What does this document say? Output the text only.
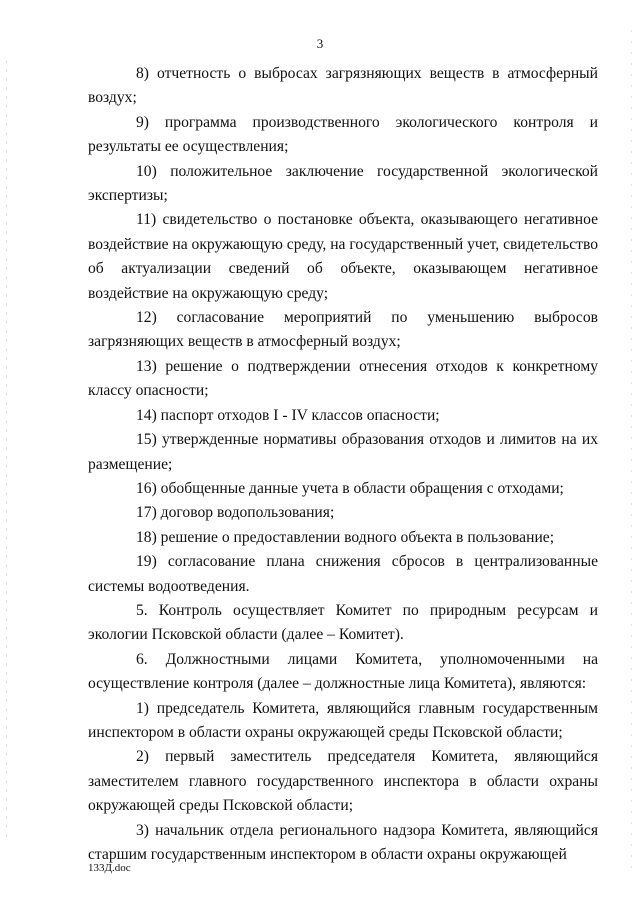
3

8) отчетность о выбросах загрязняющих веществ в атмосферный воздух;

9) программа производственного экологического контроля и результаты ее осуществления;

10) положительное заключение государственной экологической экспертизы;

11) свидетельство о постановке объекта, оказывающего негативное воздействие на окружающую среду, на государственный учет, свидетельство об актуализации сведений об объекте, оказывающем негативное воздействие на окружающую среду;

12) согласование мероприятий по уменьшению выбросов загрязняющих веществ в атмосферный воздух;

13) решение о подтверждении отнесения отходов к конкретному классу опасности;

14) паспорт отходов I - IV классов опасности;

15) утвержденные нормативы образования отходов и лимитов на их размещение;

16) обобщенные данные учета в области обращения с отходами;

17) договор водопользования;

18) решение о предоставлении водного объекта в пользование;

19) согласование плана снижения сбросов в централизованные системы водоотведения.

5. Контроль осуществляет Комитет по природным ресурсам и экологии Псковской области (далее – Комитет).

6. Должностными лицами Комитета, уполномоченными на осуществление контроля (далее – должностные лица Комитета), являются:

1) председатель Комитета, являющийся главным государственным инспектором в области охраны окружающей среды Псковской области;

2) первый заместитель председателя Комитета, являющийся заместителем главного государственного инспектора в области охраны окружающей среды Псковской области;

3) начальник отдела регионального надзора Комитета, являющийся старшим государственным инспектором в области охраны окружающей

133Д.doc
